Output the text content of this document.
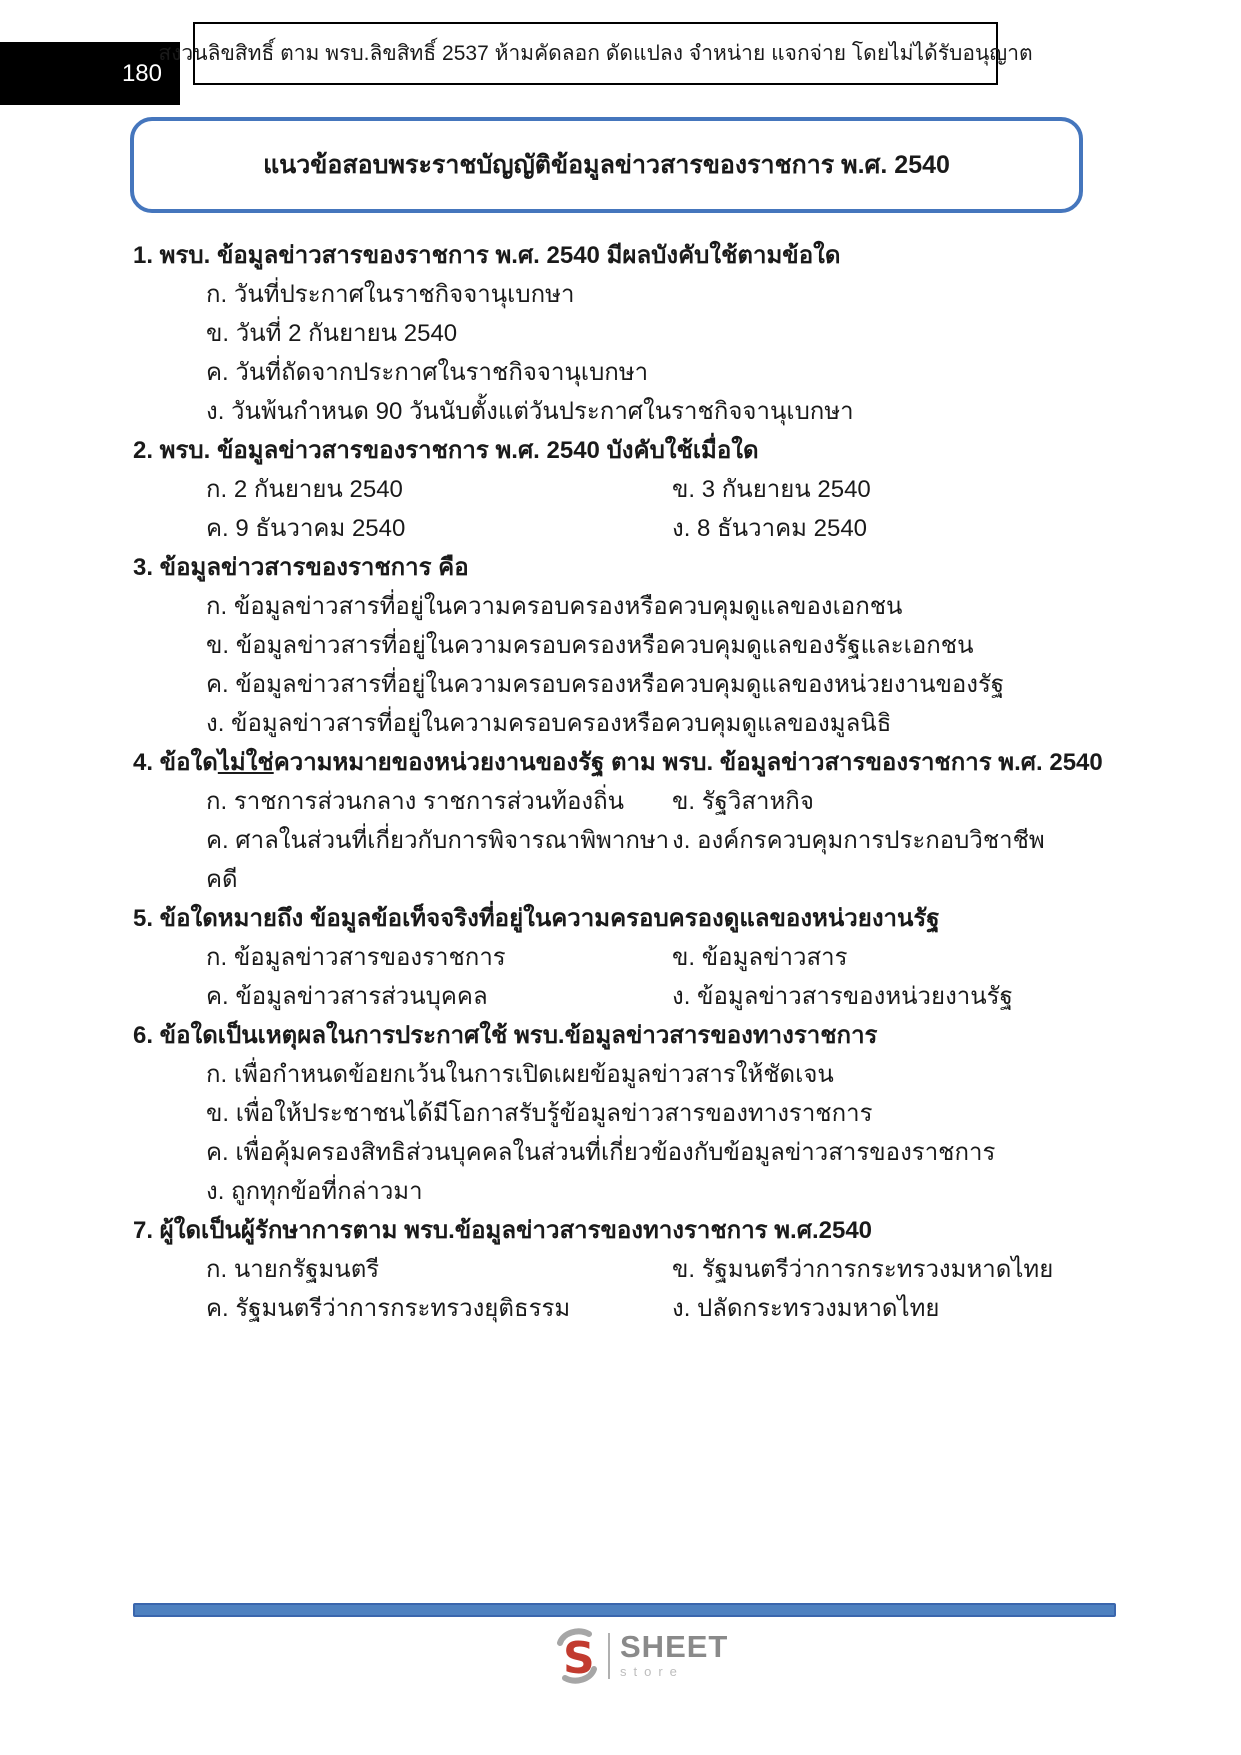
180
สงวนลิขสิทธิ์ ตาม พรบ.ลิขสิทธิ์ 2537 ห้ามคัดลอก ดัดแปลง จำหน่าย แจกจ่าย โดยไม่ได้รับอนุญาต
แนวข้อสอบพระราชบัญญัติข้อมูลข่าวสารของราชการ พ.ศ. 2540
1. พรบ. ข้อมูลข่าวสารของราชการ พ.ศ. 2540 มีผลบังคับใช้ตามข้อใด
ก. วันที่ประกาศในราชกิจจานุเบกษา
ข. วันที่ 2 กันยายน 2540
ค. วันที่ถัดจากประกาศในราชกิจจานุเบกษา
ง. วันพ้นกำหนด 90 วันนับตั้งแต่วันประกาศในราชกิจจานุเบกษา
2. พรบ. ข้อมูลข่าวสารของราชการ พ.ศ. 2540 บังคับใช้เมื่อใด
ก. 2 กันยายน 2540	ข. 3 กันยายน 2540
ค. 9 ธันวาคม 2540	ง. 8 ธันวาคม 2540
3. ข้อมูลข่าวสารของราชการ คือ
ก. ข้อมูลข่าวสารที่อยู่ในความครอบครองหรือควบคุมดูแลของเอกชน
ข. ข้อมูลข่าวสารที่อยู่ในความครอบครองหรือควบคุมดูแลของรัฐและเอกชน
ค. ข้อมูลข่าวสารที่อยู่ในความครอบครองหรือควบคุมดูแลของหน่วยงานของรัฐ
ง. ข้อมูลข่าวสารที่อยู่ในความครอบครองหรือควบคุมดูแลของมูลนิธิ
4. ข้อใดไม่ใช่ความหมายของหน่วยงานของรัฐ ตาม พรบ. ข้อมูลข่าวสารของราชการ พ.ศ. 2540
ก. ราชการส่วนกลาง ราชการส่วนท้องถิ่น	ข. รัฐวิสาหกิจ
ค. ศาลในส่วนที่เกี่ยวกับการพิจารณาพิพากษาคดี
ง. องค์กรควบคุมการประกอบวิชาชีพ
5. ข้อใดหมายถึง ข้อมูลข้อเท็จจริงที่อยู่ในความครอบครองดูแลของหน่วยงานรัฐ
ก. ข้อมูลข่าวสารของราชการ	ข. ข้อมูลข่าวสาร
ค. ข้อมูลข่าวสารส่วนบุคคล	ง. ข้อมูลข่าวสารของหน่วยงานรัฐ
6. ข้อใดเป็นเหตุผลในการประกาศใช้ พรบ.ข้อมูลข่าวสารของทางราชการ
ก. เพื่อกำหนดข้อยกเว้นในการเปิดเผยข้อมูลข่าวสารให้ชัดเจน
ข. เพื่อให้ประชาชนได้มีโอกาสรับรู้ข้อมูลข่าวสารของทางราชการ
ค. เพื่อคุ้มครองสิทธิส่วนบุคคลในส่วนที่เกี่ยวข้องกับข้อมูลข่าวสารของราชการ
ง. ถูกทุกข้อที่กล่าวมา
7. ผู้ใดเป็นผู้รักษาการตาม พรบ.ข้อมูลข่าวสารของทางราชการ พ.ศ.2540
ก. นายกรัฐมนตรี	ข. รัฐมนตรีว่าการกระทรวงมหาดไทย
ค. รัฐมนตรีว่าการกระทรวงยุติธรรม	ง. ปลัดกระทรวงมหาดไทย
S SHEET
store
